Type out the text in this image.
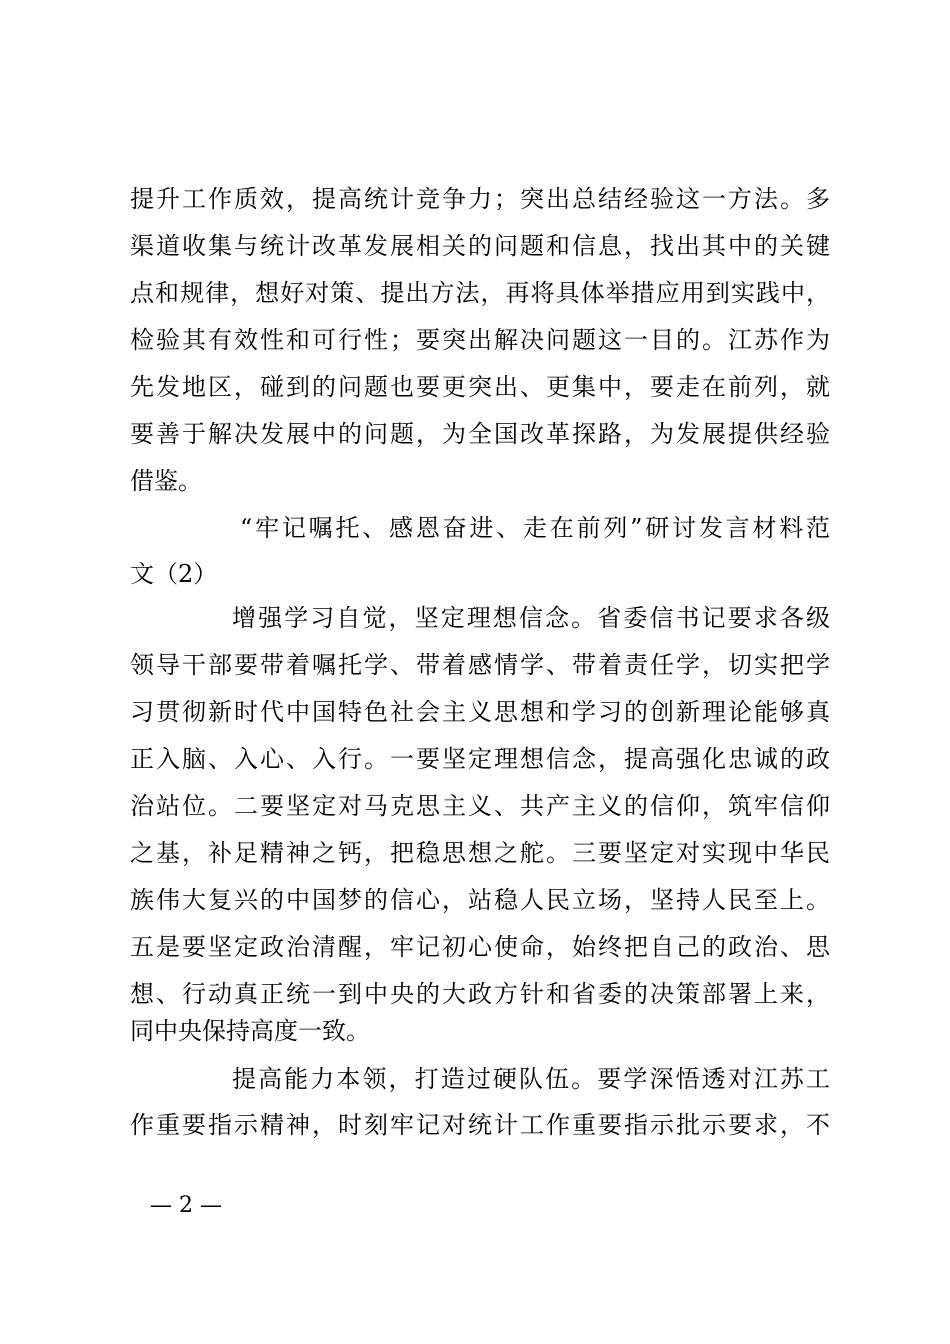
提升工作质效，提高统计竞争力；突出总结经验这一方法。多
渠道收集与统计改革发展相关的问题和信息，找出其中的关键
点和规律，想好对策、提出方法，再将具体举措应用到实践中，
检验其有效性和可行性；要突出解决问题这一目的。江苏作为
先发地区，碰到的问题也要更突出、更集中，要走在前列，就
要善于解决发展中的问题，为全国改革探路，为发展提供经验
借鉴。
“牢记嘱托、感恩奋进、走在前列”研讨发言材料范
文（2）
增强学习自觉，坚定理想信念。省委信书记要求各级
领导干部要带着嘱托学、带着感情学、带着责任学，切实把学
习贯彻新时代中国特色社会主义思想和学习的创新理论能够真
正入脑、入心、入行。一要坚定理想信念，提高强化忠诚的政
治站位。二要坚定对马克思主义、共产主义的信仰，筑牢信仰
之基，补足精神之钙，把稳思想之舵。三要坚定对实现中华民
族伟大复兴的中国梦的信心，站稳人民立场，坚持人民至上。
五是要坚定政治清醒，牢记初心使命，始终把自己的政治、思
想、行动真正统一到中央的大政方针和省委的决策部署上来，
同中央保持高度一致。
提高能力本领，打造过硬队伍。要学深悟透对江苏工
作重要指示精神，时刻牢记对统计工作重要指示批示要求，不
— 2 —
